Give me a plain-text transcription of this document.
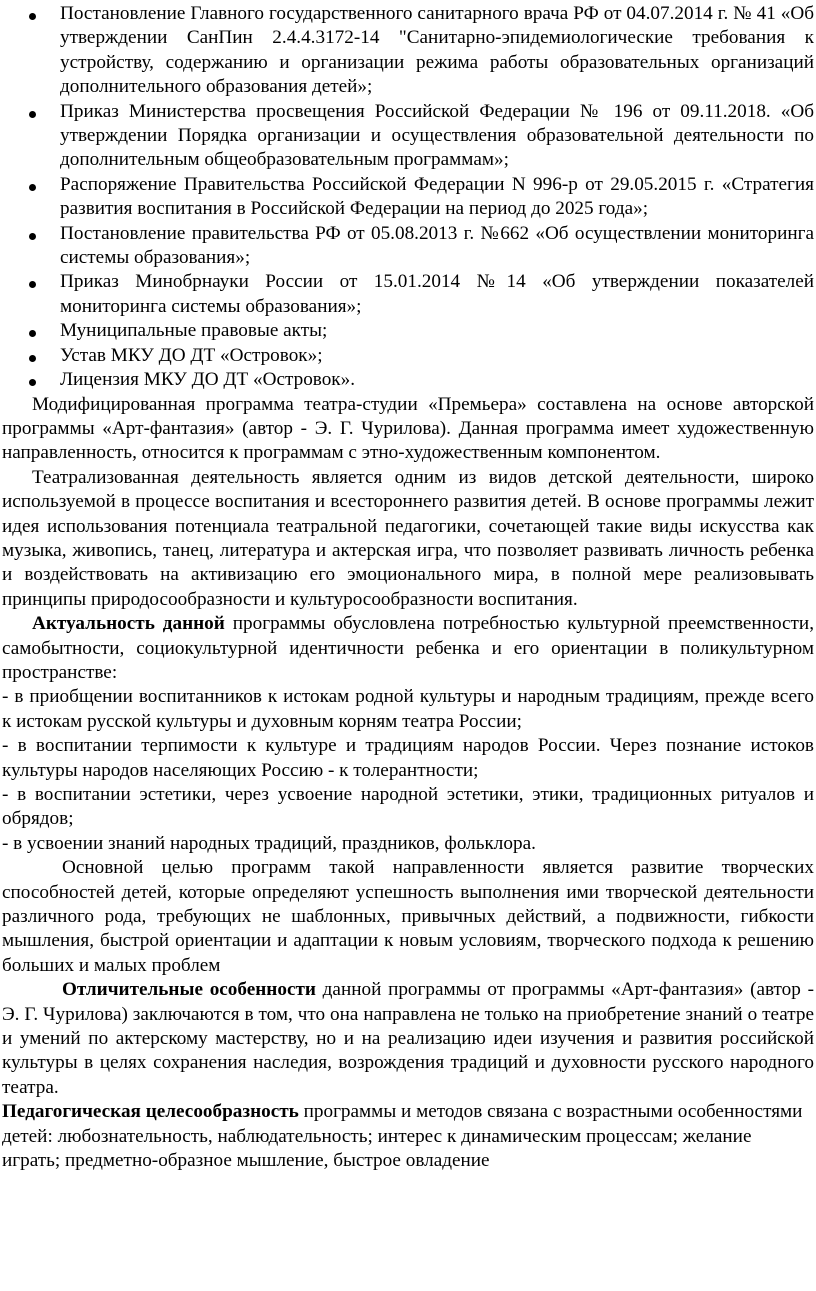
Постановление Главного государственного санитарного врача РФ от 04.07.2014 г. № 41 «Об утверждении СанПин 2.4.4.3172-14 "Санитарно-эпидемиологические требования к устройству, содержанию и организации режима работы образовательных организаций дополнительного образования детей»;
Приказ Министерства просвещения Российской Федерации № 196 от 09.11.2018. «Об утверждении Порядка организации и осуществления образовательной деятельности по дополнительным общеобразовательным программам»;
Распоряжение Правительства Российской Федерации N 996-р от 29.05.2015 г. «Стратегия развития воспитания в Российской Федерации на период до 2025 года»;
Постановление правительства РФ от 05.08.2013 г. №662 «Об осуществлении мониторинга системы образования»;
Приказ Минобрнауки России от 15.01.2014 №14 «Об утверждении показателей мониторинга системы образования»;
Муниципальные правовые акты;
Устав МКУ ДО ДТ «Островок»;
Лицензия МКУ ДО ДТ «Островок».

Модифицированная программа театра-студии «Премьера» составлена на основе авторской программы «Арт-фантазия» (автор - Э. Г. Чурилова). Данная программа имеет художественную направленность, относится к программам с этно-художественным компонентом.

Театрализованная деятельность является одним из видов детской деятельности, широко используемой в процессе воспитания и всестороннего развития детей. В основе программы лежит идея использования потенциала театральной педагогики, сочетающей такие виды искусства как музыка, живопись, танец, литература и актерская игра, что позволяет развивать личность ребенка и воздействовать на активизацию его эмоционального мира, в полной мере реализовывать принципы природосообразности и культуросообразности воспитания.

Актуальность данной программы обусловлена потребностью культурной преемственности, самобытности, социокультурной идентичности ребенка и его ориентации в поликультурном пространстве:

- в приобщении воспитанников к истокам родной культуры и народным традициям, прежде всего к истокам русской культуры и духовным корням театра России;

- в воспитании терпимости к культуре и традициям народов России. Через познание истоков культуры народов населяющих Россию - к толерантности;

- в воспитании эстетики, через усвоение народной эстетики, этики, традиционных ритуалов и обрядов;

- в усвоении знаний народных традиций, праздников, фольклора.

Основной целью программ такой направленности является развитие творческих способностей детей, которые определяют успешность выполнения ими творческой деятельности различного рода, требующих не шаблонных, привычных действий, а подвижности, гибкости мышления, быстрой ориентации и адаптации к новым условиям, творческого подхода к решению больших и малых проблем

Отличительные особенности данной программы от программы «Арт-фантазия» (автор - Э. Г. Чурилова) заключаются в том, что она направлена не только на приобретение знаний о театре и умений по актерскому мастерству, но и на реализацию идеи изучения и развития российской культуры в целях сохранения наследия, возрождения традиций и духовности русского народного театра.

Педагогическая целесообразность программы и методов связана с возрастными особенностями детей: любознательность, наблюдательность; интерес к динамическим процессам; желание играть; предметно-образное мышление, быстрое овладение
